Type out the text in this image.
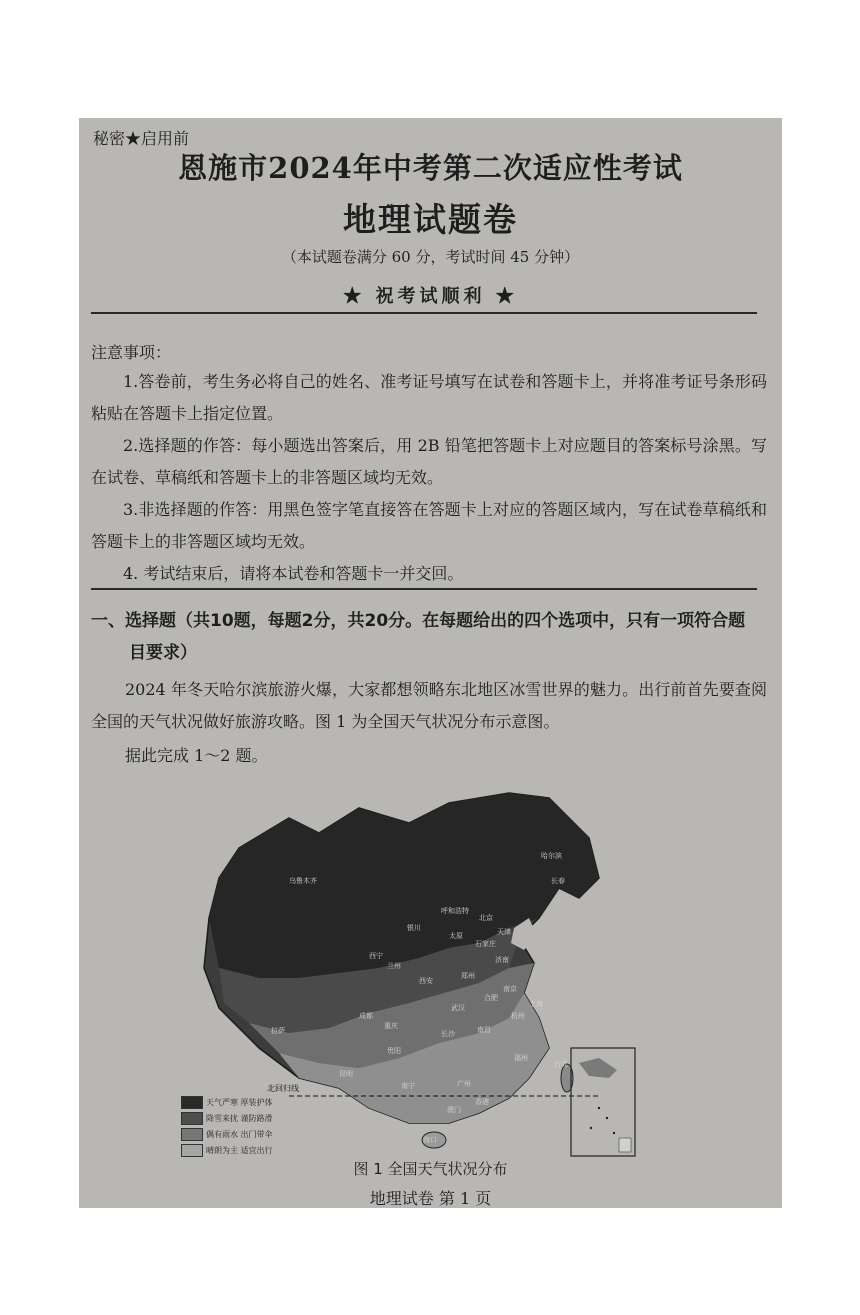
秘密★启用前
恩施市2024年中考第二次适应性考试
地理试题卷
（本试题卷满分 60 分，考试时间 45 分钟）
★ 祝考试顺利 ★
注意事项：
1.答卷前，考生务必将自己的姓名、准考证号填写在试卷和答题卡上，并将准考证号条形码粘贴在答题卡上指定位置。
2.选择题的作答：每小题选出答案后，用 2B 铅笔把答题卡上对应题目的答案标号涂黑。写在试卷、草稿纸和答题卡上的非答题区域均无效。
3.非选择题的作答：用黑色签字笔直接答在答题卡上对应的答题区域内，写在试卷草稿纸和答题卡上的非答题区域均无效。
4. 考试结束后，请将本试卷和答题卡一并交回。
一、选择题（共10题，每题2分，共20分。在每题给出的四个选项中，只有一项符合题
目要求）
2024 年冬天哈尔滨旅游火爆，大家都想领略东北地区冰雪世界的魅力。出行前首先要查阅全国的天气状况做好旅游攻略。图 1 为全国天气状况分布示意图。
据此完成 1～2 题。
北回归线
乌鲁木齐
哈尔滨
长春
呼和浩特
北京
天津
银川
太原
石家庄
西宁
兰州
济南
西安
郑州
拉萨
成都
重庆
武汉
合肥
南京
上海
杭州
长沙	南昌
贵阳
昆明
福州
台北
南宁	广州
香港
澳门
海口
天气严寒 厚装护体
降雪来扰 谨防路滑
偶有雨水 出门带伞
晴朗为主 适宜出行
图 1 全国天气状况分布
地理试卷 第 1 页
